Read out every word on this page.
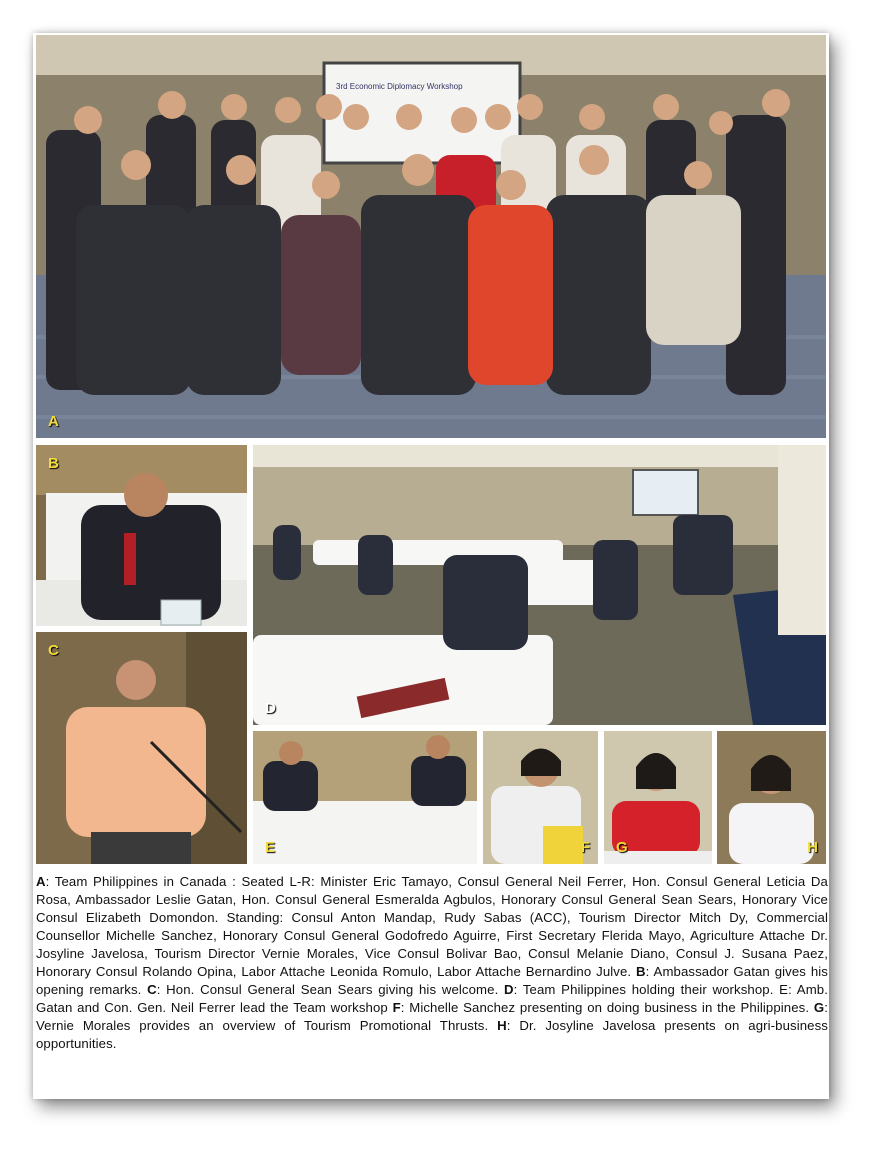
3rd Economic Diplomacy Workshop
A
B
C
D
E	F G	H
A: Team Philippines in Canada : Seated L-R: Minister Eric Tamayo, Consul General Neil Ferrer, Hon. Consul General Leticia Da Rosa, Ambassador Leslie Gatan, Hon. Consul General Esmeralda Agbulos, Honorary Consul General Sean Sears, Honorary Vice Consul Elizabeth Domondon. Standing: Consul Anton Mandap, Rudy Sabas (ACC), Tourism Director Mitch Dy, Commercial Counsellor Michelle Sanchez, Honorary Consul General Godofredo Aguirre, First Secretary Flerida Mayo, Agriculture Attache Dr. Josyline Javelosa, Tourism Director Vernie Morales, Vice Consul Bolivar Bao, Consul Melanie Diano, Consul J. Susana Paez, Honorary Consul Rolando Opina, Labor Attache Leonida Romulo, Labor Attache Bernardino Julve. B: Ambassador Gatan gives his opening remarks. C: Hon. Consul General Sean Sears giving his welcome. D: Team Philippines holding their workshop. E: Amb. Gatan and Con. Gen. Neil Ferrer lead the Team workshop F: Michelle Sanchez presenting on doing business in the Philippines. G: Vernie Morales provides an overview of Tourism Promotional Thrusts. H: Dr. Josyline Javelosa presents on agri-business opportunities.
